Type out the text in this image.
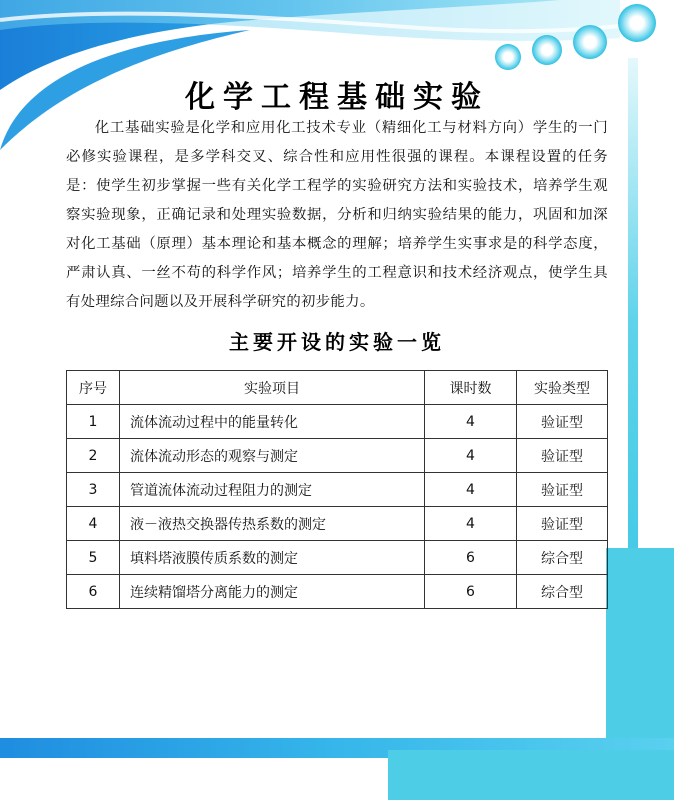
化学工程基础实验

化工基础实验是化学和应用化工技术专业（精细化工与材料方向）学生的一门必修实验课程，是多学科交叉、综合性和应用性很强的课程。本课程设置的任务是：使学生初步掌握一些有关化学工程学的实验研究方法和实验技术，培养学生观察实验现象，正确记录和处理实验数据，分析和归纳实验结果的能力，巩固和加深对化工基础（原理）基本理论和基本概念的理解；培养学生实事求是的科学态度，严肃认真、一丝不苟的科学作风；培养学生的工程意识和技术经济观点，使学生具有处理综合问题以及开展科学研究的初步能力。

主要开设的实验一览
序号	实验项目	课时数	实验类型
1	流体流动过程中的能量转化	4	验证型
2	流体流动形态的观察与测定	4	验证型
3	管道流体流动过程阻力的测定	4	验证型
4	液－液热交换器传热系数的测定	4	验证型
5	填料塔液膜传质系数的测定	6	综合型
6	连续精馏塔分离能力的测定	6	综合型
